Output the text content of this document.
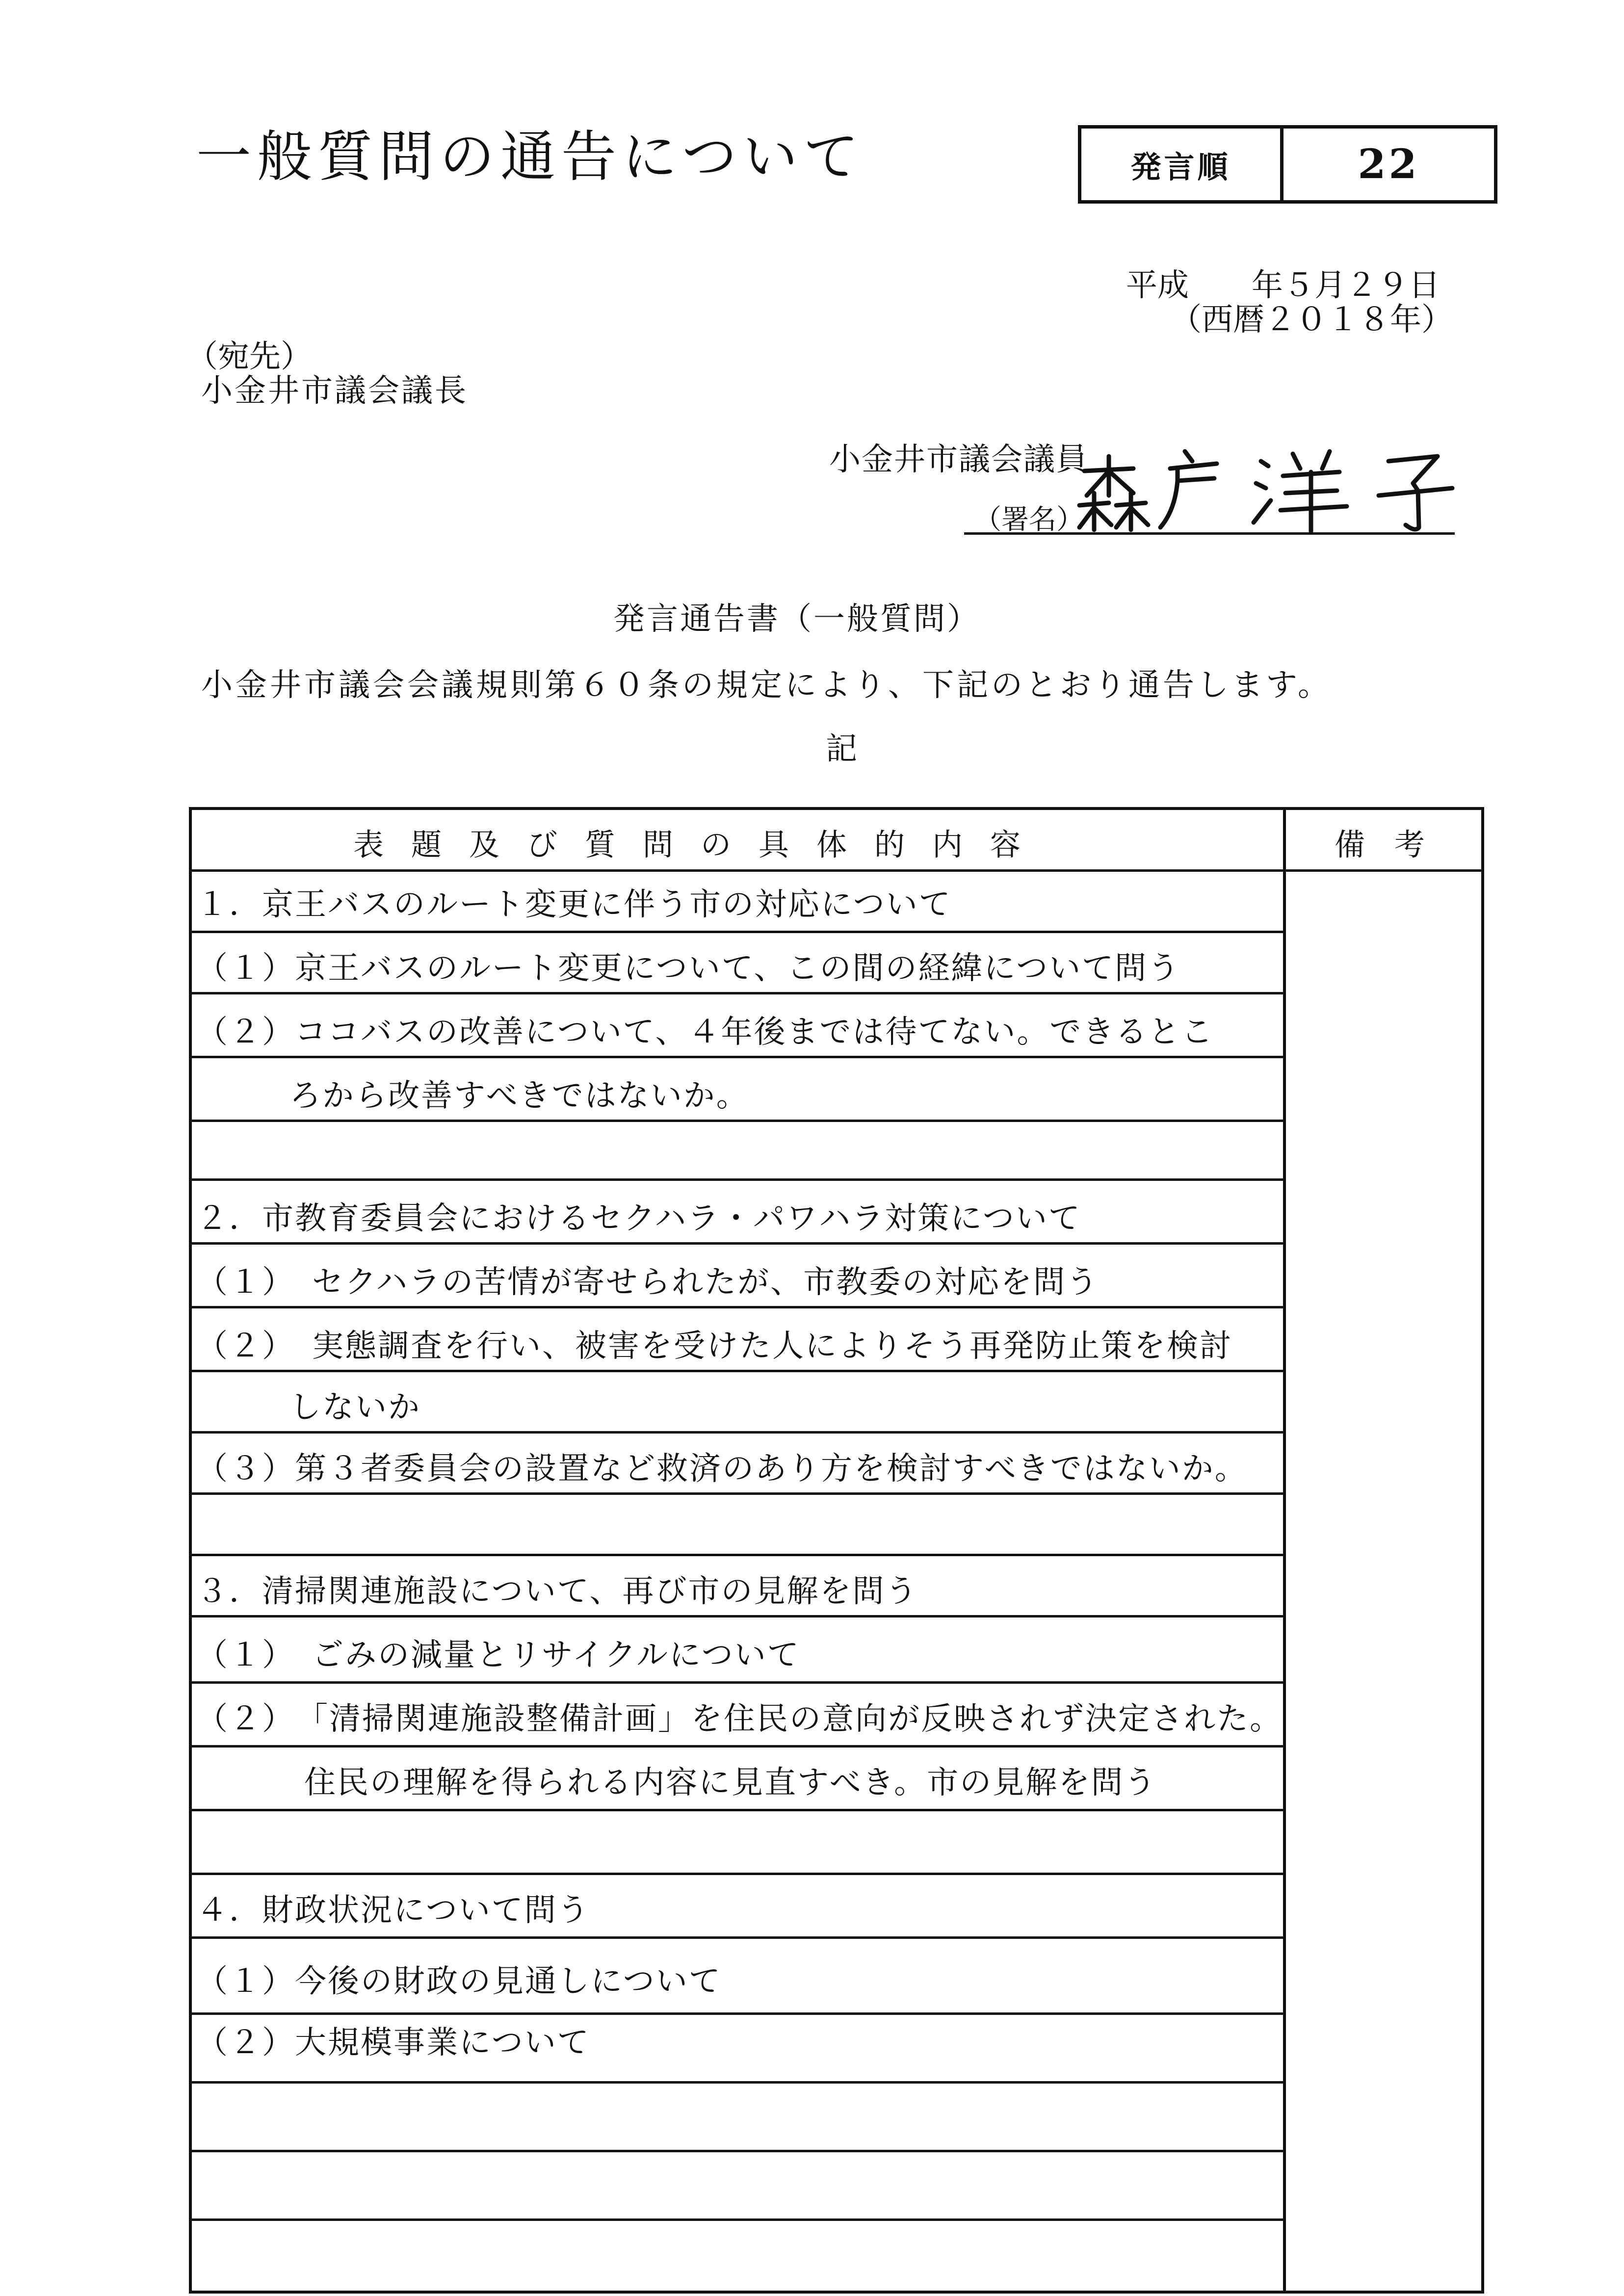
一般質問の通告について	発言順	22
平成　　年５月２９日
（西暦２０１８年）
（宛先）
小金井市議会議長
小金井市議会議員
（署名）
発言通告書（一般質問）
小金井市議会会議規則第６０条の規定により、下記のとおり通告します。
記
表題及び質問の具体的内容	備考
１．京王バスのルート変更に伴う市の対応について
（１）京王バスのルート変更について、この間の経緯について問う
（２）ココバスの改善について、４年後までは待てない。できるとこ
ろから改善すべきではないか。
２．市教育委員会におけるセクハラ・パワハラ対策について
（１）　セクハラの苦情が寄せられたが、市教委の対応を問う
（２）　実態調査を行い、被害を受けた人によりそう再発防止策を検討
しないか
（３）第３者委員会の設置など救済のあり方を検討すべきではないか。
３．清掃関連施設について、再び市の見解を問う
（１）　ごみの減量とリサイクルについて
（２）　「清掃関連施設整備計画」を住民の意向が反映されず決定された。
住民の理解を得られる内容に見直すべき。市の見解を問う
４．財政状況について問う
（１）今後の財政の見通しについて
（２）大規模事業について
